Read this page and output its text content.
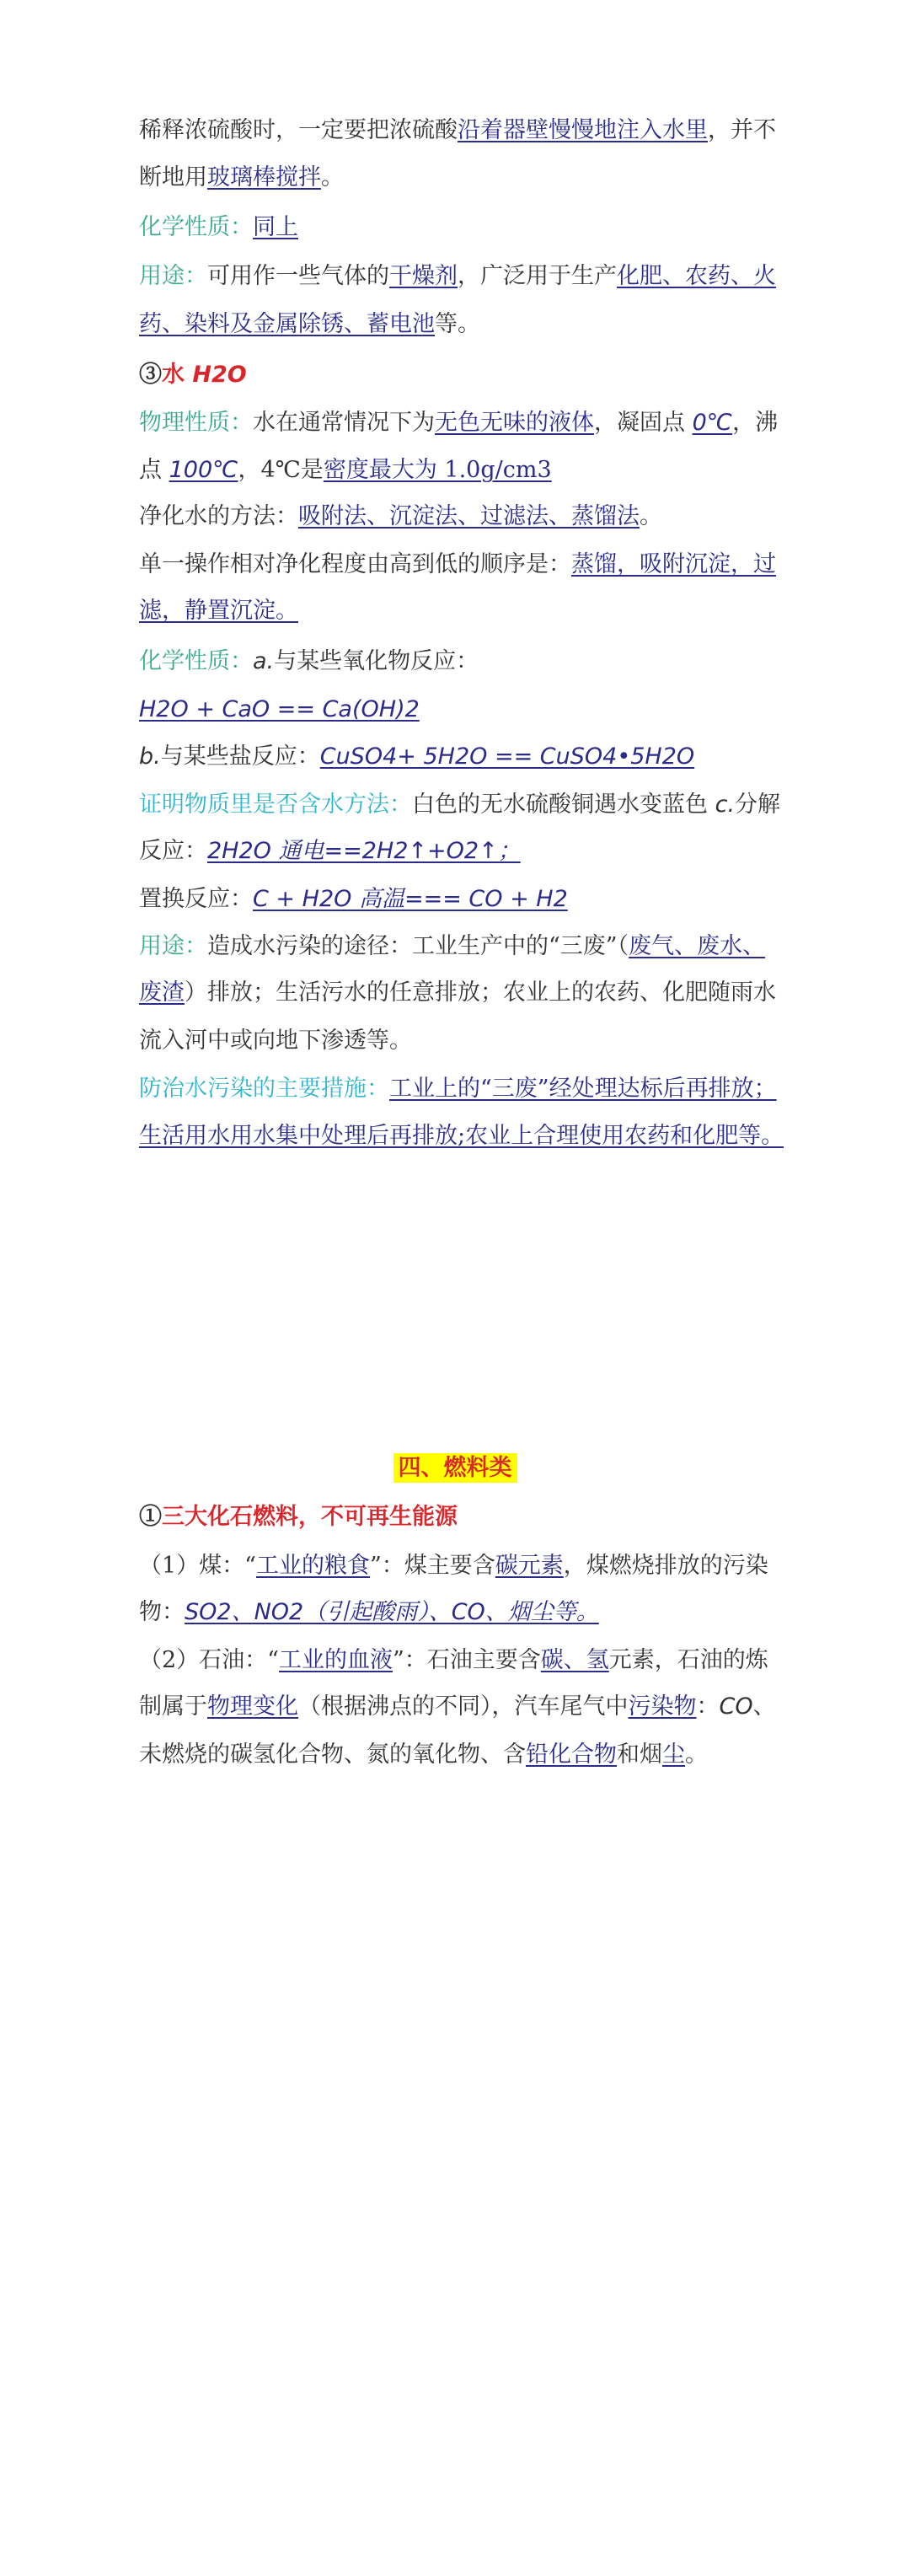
稀释浓硫酸时，一定要把浓硫酸沿着器壁慢慢地注入水里，并不
断地用玻璃棒搅拌。
化学性质：同上
用途：可用作一些气体的干燥剂，广泛用于生产化肥、农药、火
药、染料及金属除锈、蓄电池等。
③水 H2O
物理性质：水在通常情况下为无色无味的液体，凝固点 0℃，沸
点 100℃，4℃是密度最大为 1.0g/cm3
净化水的方法：吸附法、沉淀法、过滤法、蒸馏法。
单一操作相对净化程度由高到低的顺序是：蒸馏，吸附沉淀，过
滤，静置沉淀。
化学性质：a.与某些氧化物反应：
H2O + CaO == Ca(OH)2
b.与某些盐反应：CuSO4+ 5H2O == CuSO4•5H2O
证明物质里是否含水方法：白色的无水硫酸铜遇水变蓝色 c.分解
反应：2H2O 通电==2H2↑+O2↑；
置换反应：C + H2O 高温=== CO + H2
用途：造成水污染的途径：工业生产中的“三废”（废气、废水、
废渣）排放；生活污水的任意排放；农业上的农药、化肥随雨水
流入河中或向地下渗透等。
防治水污染的主要措施：工业上的“三废”经处理达标后再排放；
生活用水用水集中处理后再排放;农业上合理使用农药和化肥等。
四、燃料类
①三大化石燃料，不可再生能源
（1）煤：“工业的粮食”：煤主要含碳元素，煤燃烧排放的污染
物：SO2、NO2（引起酸雨）、CO、烟尘等。
（2）石油：“工业的血液”：石油主要含碳、氢元素，石油的炼
制属于物理变化（根据沸点的不同），汽车尾气中污染物：CO、
未燃烧的碳氢化合物、氮的氧化物、含铅化合物和烟尘。
